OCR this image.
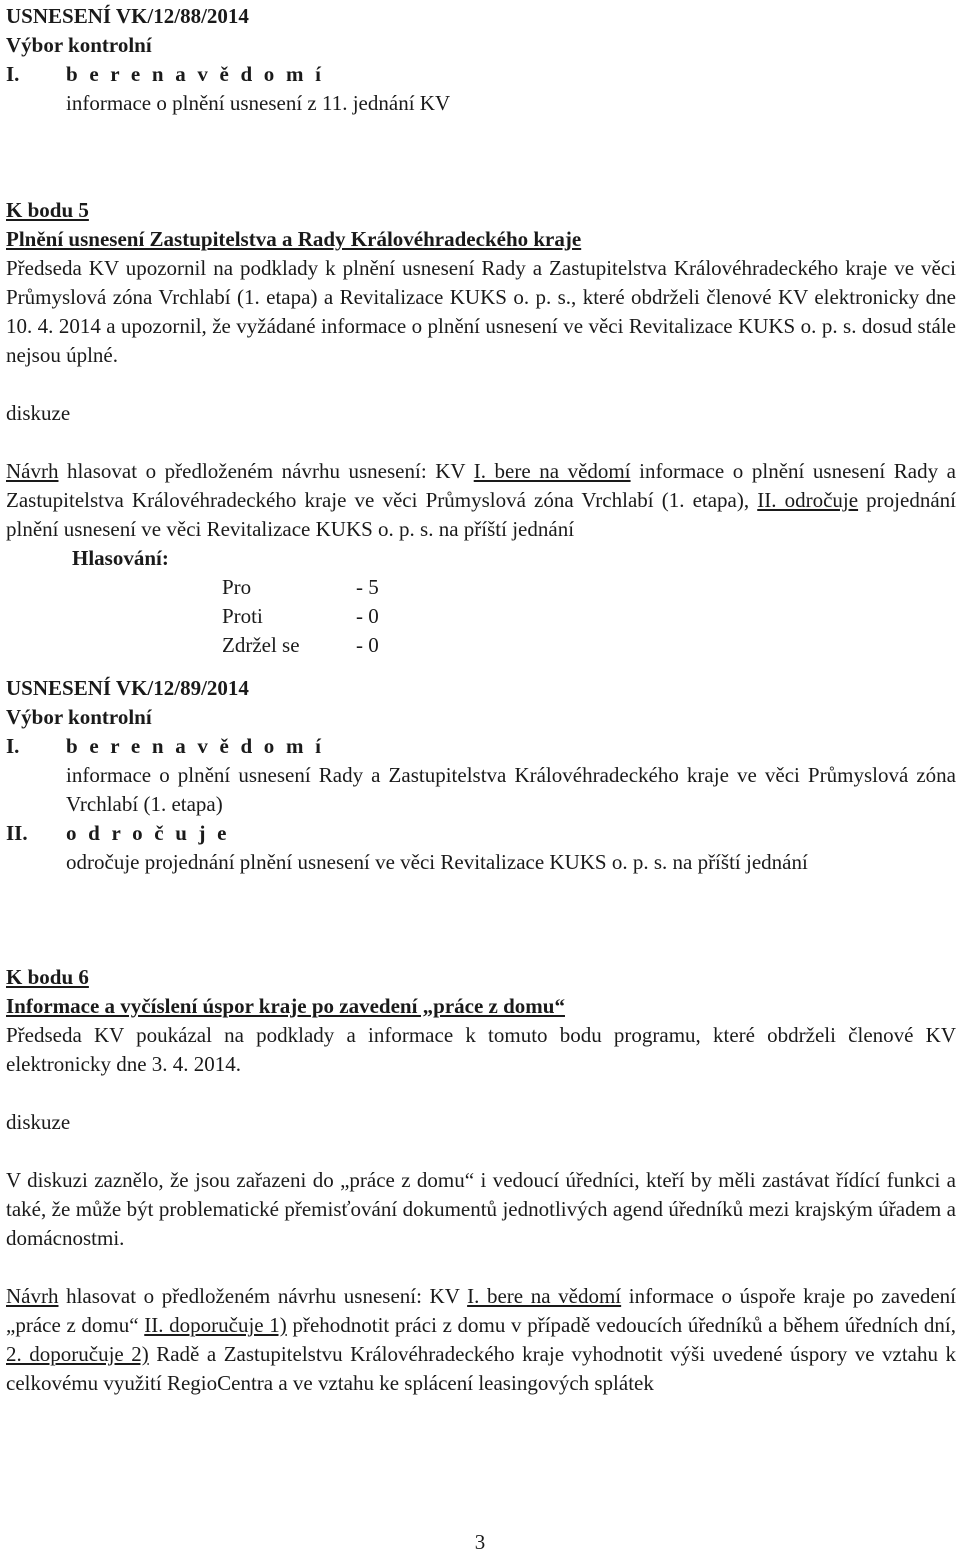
USNESENÍ VK/12/88/2014
Výbor kontrolní
I.	b e r e n a v ě d o m í
informace o plnění usnesení z 11. jednání KV
K bodu 5
Plnění usnesení Zastupitelstva a Rady Královéhradeckého kraje
Předseda KV upozornil na podklady k plnění usnesení Rady a Zastupitelstva Královéhradeckého kraje ve věci Průmyslová zóna Vrchlabí (1. etapa) a Revitalizace KUKS o. p. s., které obdrželi členové KV elektronicky dne 10. 4. 2014 a upozornil, že vyžádané informace o plnění usnesení ve věci Revitalizace KUKS o. p. s. dosud stále nejsou úplné.
diskuze
Návrh hlasovat o předloženém návrhu usnesení: KV I. bere na vědomí informace o plnění usnesení Rady a Zastupitelstva Královéhradeckého kraje ve věci Průmyslová zóna Vrchlabí (1. etapa), II. odročuje projednání plnění usnesení ve věci Revitalizace KUKS o. p. s. na příští jednání
Hlasování:
Pro	- 5
Proti	- 0
Zdržel se	- 0
USNESENÍ VK/12/89/2014
Výbor kontrolní
I.	b e r e n a v ě d o m í
informace o plnění usnesení Rady a Zastupitelstva Královéhradeckého kraje ve věci Průmyslová zóna Vrchlabí (1. etapa)
II.	o d r o č u j e
odročuje projednání plnění usnesení ve věci Revitalizace KUKS o. p. s. na příští jednání
K bodu 6
Informace a vyčíslení úspor kraje po zavedení „práce z domu“
Předseda KV poukázal na podklady a informace k tomuto bodu programu, které obdrželi členové KV elektronicky dne 3. 4. 2014.
diskuze
V diskuzi zaznělo, že jsou zařazeni do „práce z domu“ i vedoucí úředníci, kteří by měli zastávat řídící funkci a také, že může být problematické přemisťování dokumentů jednotlivých agend úředníků mezi krajským úřadem a domácnostmi.
Návrh hlasovat o předloženém návrhu usnesení: KV I. bere na vědomí informace o úspoře kraje po zavedení „práce z domu“ II. doporučuje 1) přehodnotit práci z domu v případě vedoucích úředníků a během úředních dní, 2. doporučuje 2) Radě a Zastupitelstvu Královéhradeckého kraje vyhodnotit výši uvedené úspory ve vztahu k celkovému využití RegioCentra a ve vztahu ke splácení leasingových splátek
3
